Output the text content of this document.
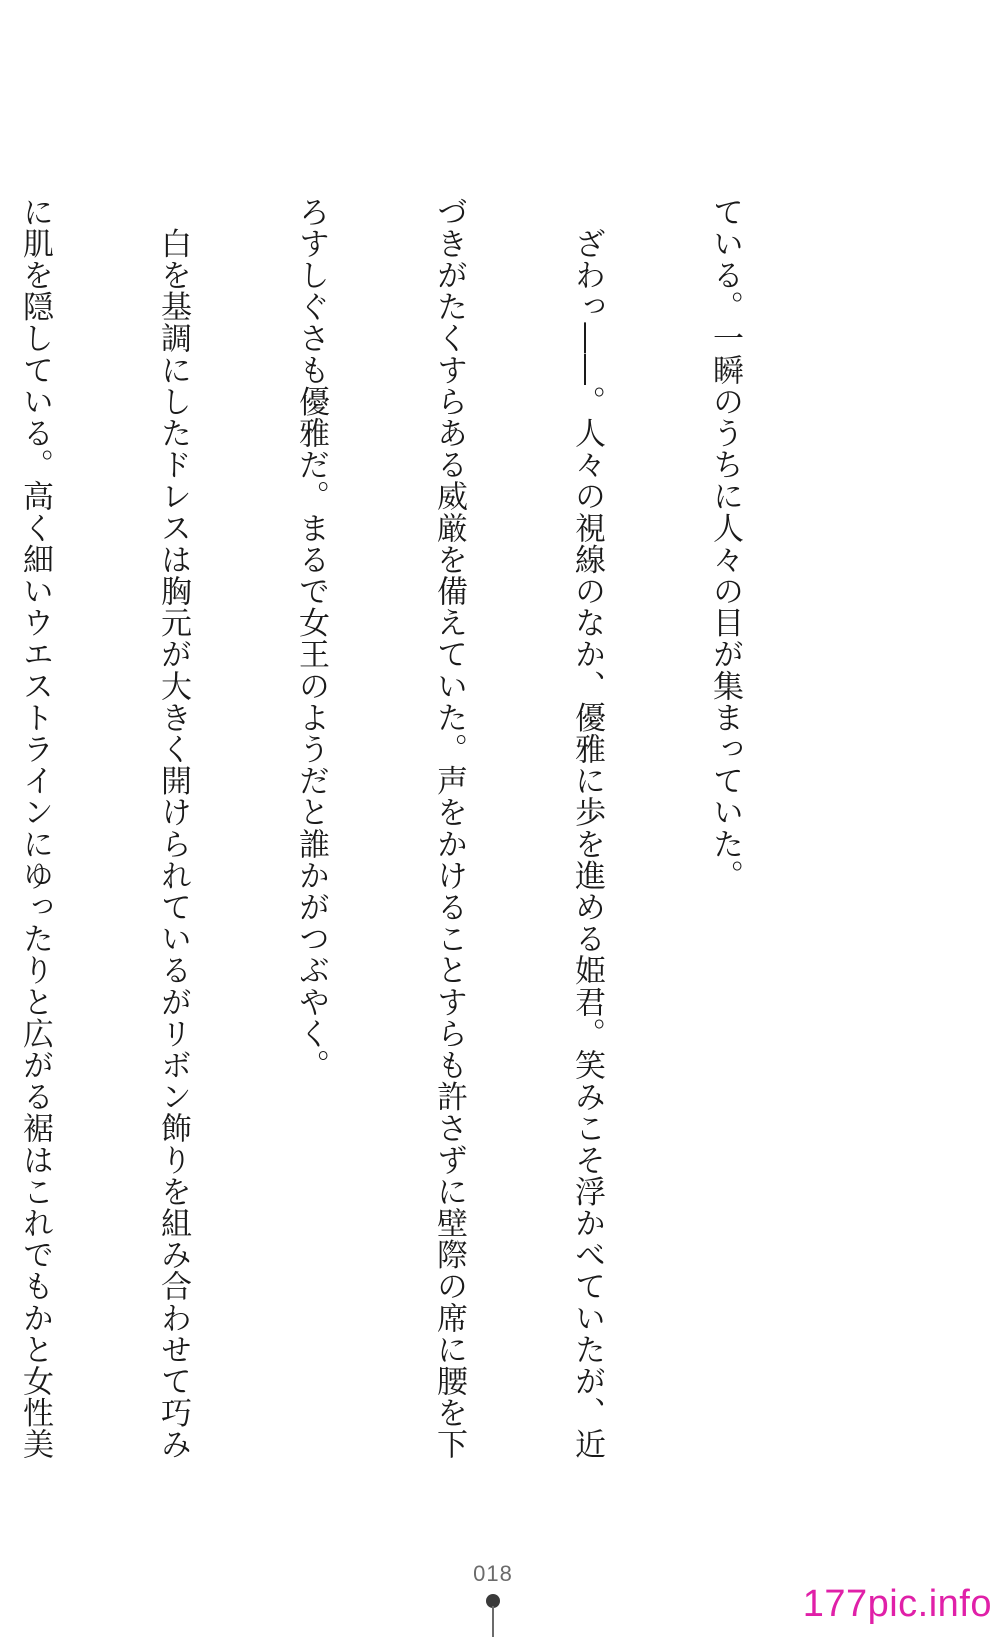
ている。一瞬のうちに人々の目が集まっていた。

　ざわっ――。人々の視線のなか、優雅に歩を進める姫君。笑みこそ浮かべていたが、近

づきがたくすらある威厳を備えていた。声をかけることすらも許さずに壁際の席に腰を下

ろすしぐさも優雅だ。まるで女王のようだと誰かがつぶやく。

　白を基調にしたドレスは胸元が大きく開けられているがリボン飾りを組み合わせて巧み

に肌を隠している。高く細いウエストラインにゆったりと広がる裾はこれでもかと女性美

018
177pic.info
